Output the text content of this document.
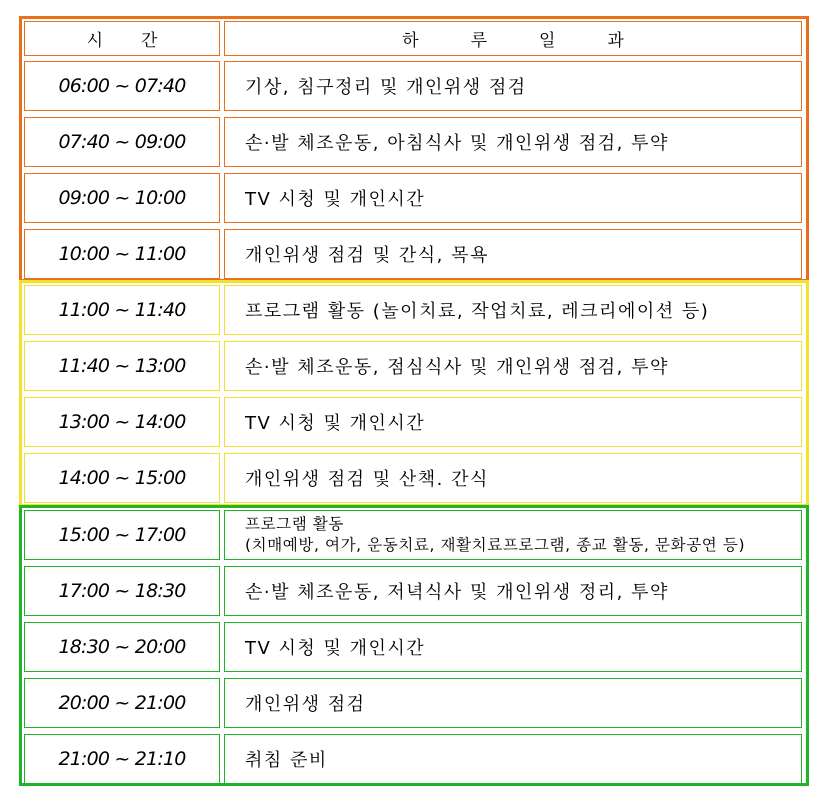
시간	하루일과
06:00 ~ 07:40	기상, 침구정리 및 개인위생 점검
07:40 ~ 09:00	손·발 체조운동, 아침식사 및 개인위생 점검, 투약
09:00 ~ 10:00	TV 시청 및 개인시간
10:00 ~ 11:00	개인위생 점검 및 간식, 목욕
11:00 ~ 11:40	프로그램 활동 (놀이치료, 작업치료, 레크리에이션 등)
11:40 ~ 13:00	손·발 체조운동, 점심식사 및 개인위생 점검, 투약
13:00 ~ 14:00	TV 시청 및 개인시간
14:00 ~ 15:00	개인위생 점검 및 산책. 간식
15:00 ~ 17:00	프로그램 활동
(치매예방, 여가, 운동치료, 재활치료프로그램, 종교 활동, 문화공연 등)
17:00 ~ 18:30	손·발 체조운동, 저녁식사 및 개인위생 정리, 투약
18:30 ~ 20:00	TV 시청 및 개인시간
20:00 ~ 21:00	개인위생 점검
21:00 ~ 21:10	취침 준비
